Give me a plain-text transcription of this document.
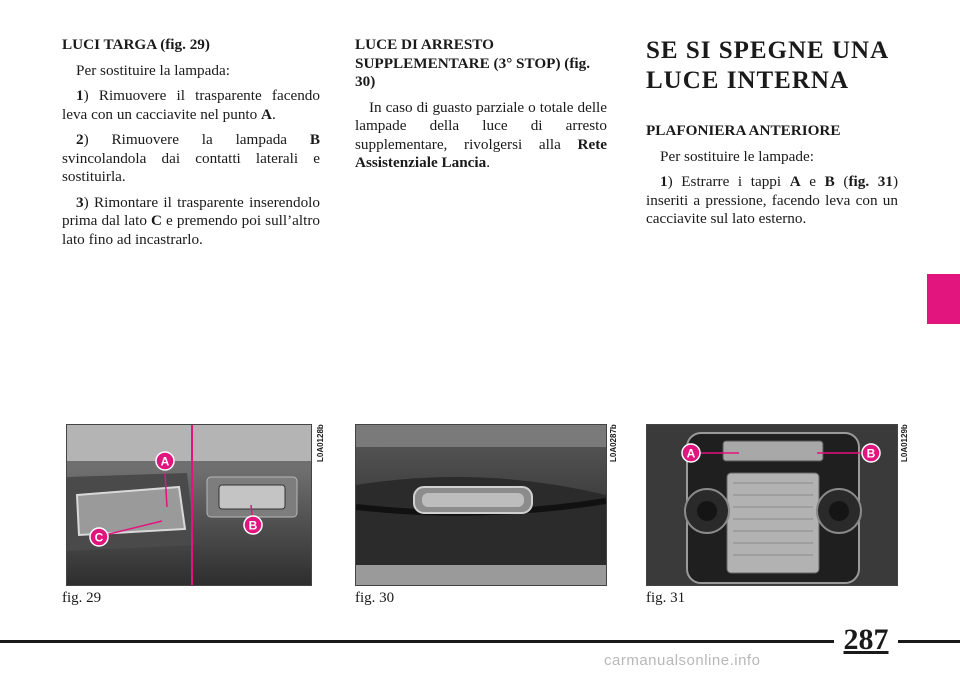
LUCI TARGA (fig. 29)

Per sostituire la lampada:

1) Rimuovere il trasparente facendo leva con un cacciavite nel punto A.

2) Rimuovere la lampada B svincolandola dai contatti laterali e sostituirla.

3) Rimontare il trasparente inserendolo prima dal lato C e premendo poi sull’altro lato fino ad incastrarlo.

LUCE DI ARRESTO SUPPLEMENTARE (3° STOP) (fig. 30)

In caso di guasto parziale o totale delle lampade della luce di arresto supplementare, rivolgersi alla Rete Assistenziale Lancia.

SE SI SPEGNE UNA
LUCE INTERNA

PLAFONIERA ANTERIORE

Per sostituire le lampade:

1) Estrarre i tappi A e B (fig. 31) inseriti a pressione, facendo leva con un cacciavite sul lato esterno.

A
B
C
L0A0128b
fig. 29
L0A0287b
fig. 30
A	B	L0A0129b
fig. 31
287
carmanualsonline.info
